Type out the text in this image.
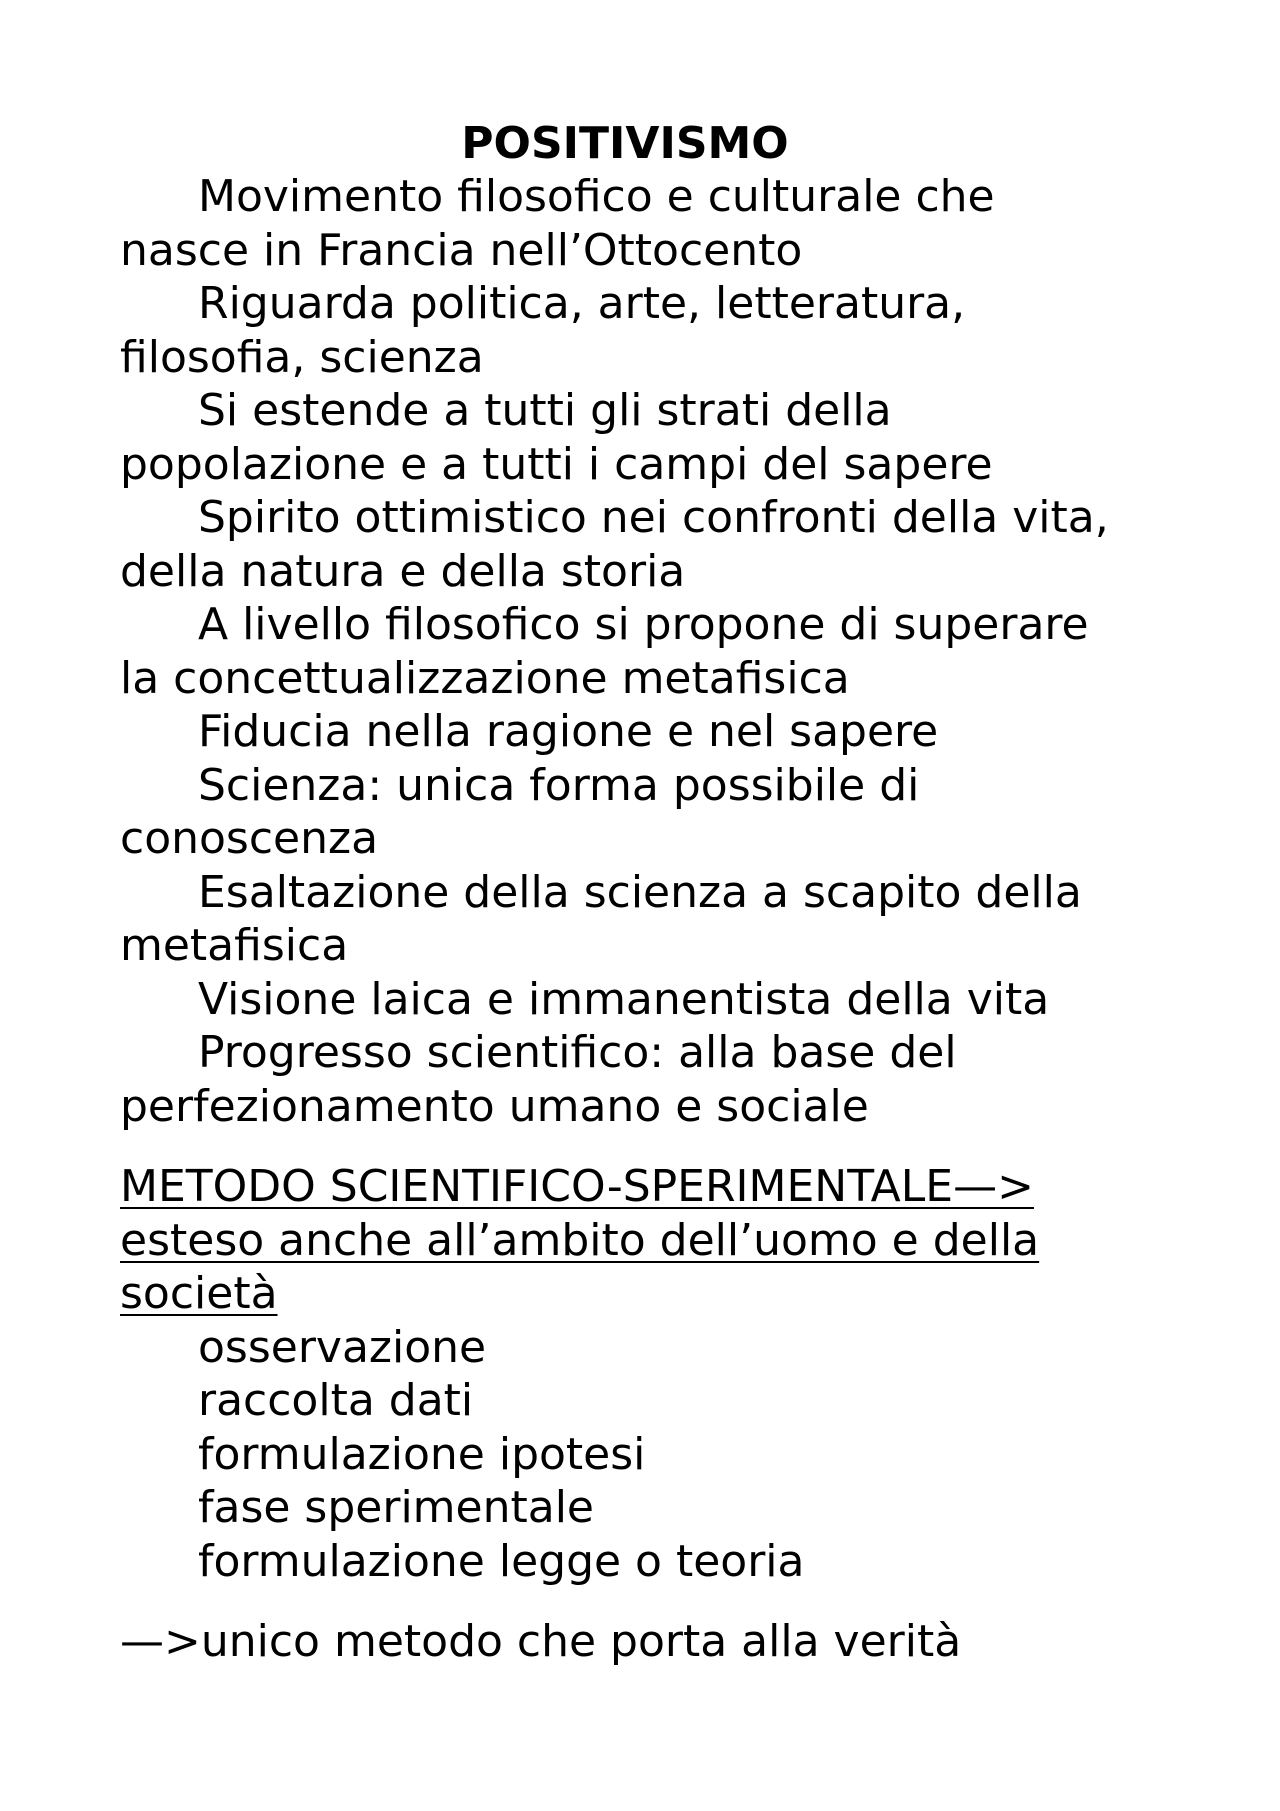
POSITIVISMO

Movimento filosofico e culturale che nasce in Francia nell’Ottocento

Riguarda politica, arte, letteratura, filosofia, scienza

Si estende a tutti gli strati della popolazione e a tutti i campi del sapere

Spirito ottimistico nei confronti della vita, della natura e della storia

A livello filosofico si propone di superare la concettualizzazione metafisica

Fiducia nella ragione e nel sapere

Scienza: unica forma possibile di conoscenza

Esaltazione della scienza a scapito della metafisica

Visione laica e immanentista della vita

Progresso scientifico: alla base del perfezionamento umano e sociale

METODO SCIENTIFICO-SPERIMENTALE—> esteso anche all’ambito dell’uomo e della società

osservazione

raccolta dati

formulazione ipotesi

fase sperimentale

formulazione legge o teoria

—>unico metodo che porta alla verità
